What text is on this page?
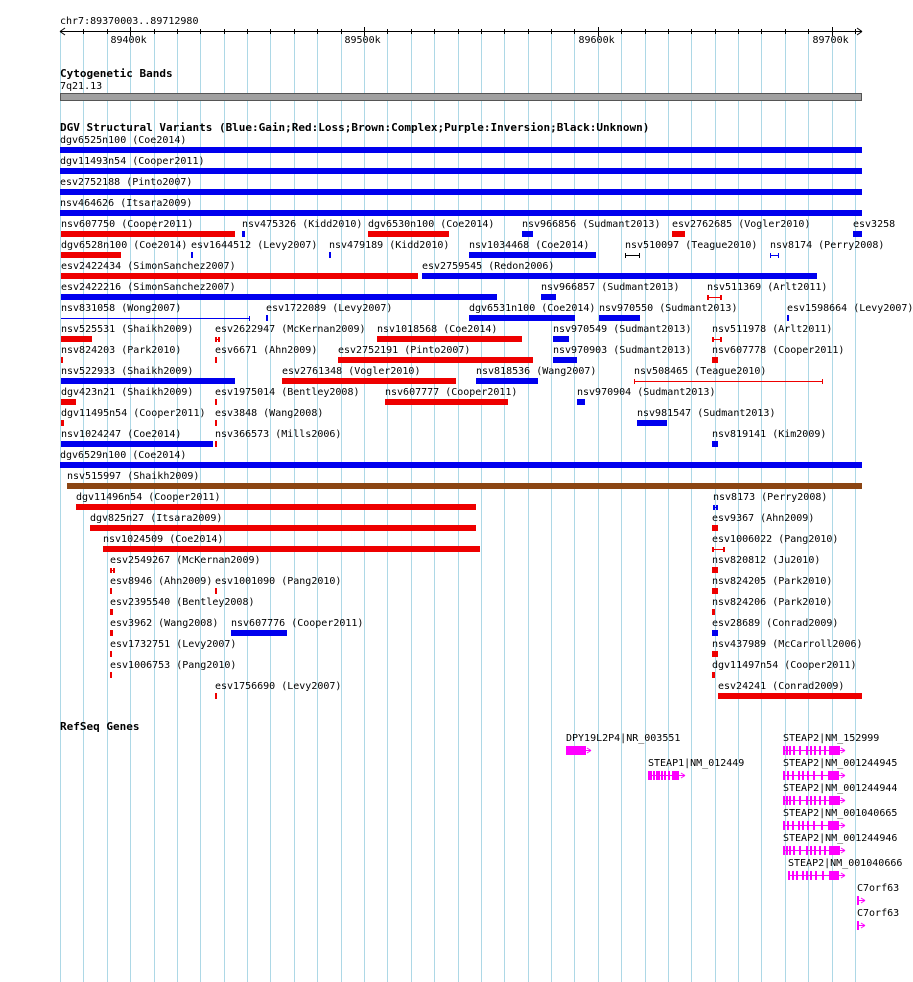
chr7:89370003..89712980
89400k	89500k	89600k	89700k
Cytogenetic Bands
7q21.13
DGV Structural Variants (Blue:Gain;Red:Loss;Brown:Complex;Purple:Inversion;Black:Unknown)
dgv6525n100 (Coe2014)
dgv11493n54 (Cooper2011)
esv2752188 (Pinto2007)
nsv464626 (Itsara2009)
nsv607750 (Cooper2011)	nsv475326 (Kidd2010) dgv6530n100 (Coe2014)	nsv966856 (Sudmant2013) esv2762685 (Vogler2010)	esv3258
dgv6528n100 (Coe2014) esv1644512 (Levy2007) nsv479189 (Kidd2010) nsv1034468 (Coe2014)	nsv510097 (Teague2010) nsv8174 (Perry2008)
esv2422434 (SimonSanchez2007)	esv2759545 (Redon2006)
esv2422216 (SimonSanchez2007)	nsv966857 (Sudmant2013)	nsv511369 (Arlt2011)
nsv831058 (Wong2007)	esv1722089 (Levy2007)	dgv6531n100 (Coe2014) nsv970550 (Sudmant2013)	esv1598664 (Levy2007)
nsv525531 (Shaikh2009) esv2622947 (McKernan2009) nsv1018568 (Coe2014)	nsv970549 (Sudmant2013) nsv511978 (Arlt2011)
nsv824203 (Park2010)	esv6671 (Ahn2009) esv2752191 (Pinto2007)	nsv970903 (Sudmant2013) nsv607778 (Cooper2011)
nsv522933 (Shaikh2009)	esv2761348 (Vogler2010)	nsv818536 (Wang2007)	nsv508465 (Teague2010)
dgv423n21 (Shaikh2009) esv1975014 (Bentley2008)	nsv607777 (Cooper2011)	nsv970904 (Sudmant2013)
dgv11495n54 (Cooper2011) esv3848 (Wang2008)	nsv981547 (Sudmant2013)
nsv1024247 (Coe2014)	nsv366573 (Mills2006)	nsv819141 (Kim2009)
dgv6529n100 (Coe2014)
nsv515997 (Shaikh2009)
dgv11496n54 (Cooper2011)	nsv8173 (Perry2008)
dgv825n27 (Itsara2009)	esv9367 (Ahn2009)
nsv1024509 (Coe2014)	esv1006022 (Pang2010)
esv2549267 (McKernan2009)	nsv820812 (Ju2010)
esv8946 (Ahn2009) esv1001090 (Pang2010)	nsv824205 (Park2010)
esv2395540 (Bentley2008)	nsv824206 (Park2010)
esv3962 (Wang2008) nsv607776 (Cooper2011)	esv28689 (Conrad2009)
esv1732751 (Levy2007)	nsv437989 (McCarroll2006)
esv1006753 (Pang2010)	dgv11497n54 (Cooper2011)
esv1756690 (Levy2007)	esv24241 (Conrad2009)
RefSeq Genes
DPY19L2P4|NR_003551	STEAP2|NM_152999
STEAP1|NM_012449	STEAP2|NM_001244945
STEAP2|NM_001244944
STEAP2|NM_001040665
STEAP2|NM_001244946
STEAP2|NM_001040666
C7orf63
C7orf63
